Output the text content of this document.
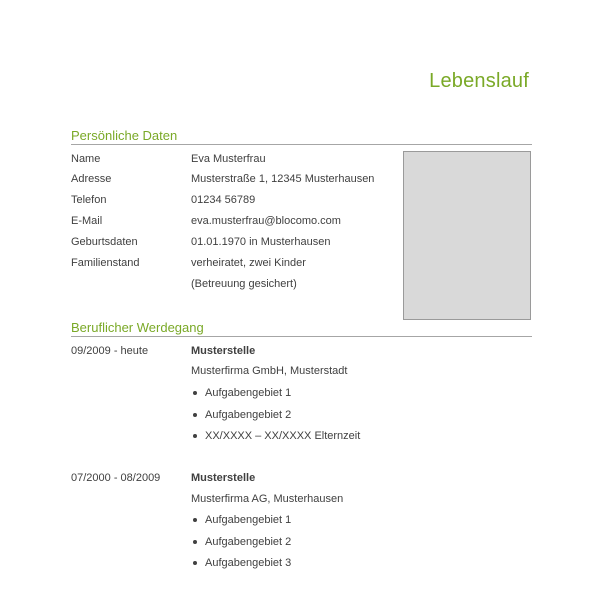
Lebenslauf
Persönliche Daten
Name	Eva Musterfrau
Adresse	Musterstraße 1, 12345 Musterhausen
Telefon	01234 56789
E-Mail	eva.musterfrau@blocomo.com
Geburtsdaten	01.01.1970 in Musterhausen
Familienstand	verheiratet, zwei Kinder
(Betreuung gesichert)
Beruflicher Werdegang
09/2009 - heute	Musterstelle
Musterfirma GmbH, Musterstadt
Aufgabengebiet 1
Aufgabengebiet 2
XX/XXXX – XX/XXXX Elternzeit
07/2000 - 08/2009	Musterstelle
Musterfirma AG, Musterhausen
Aufgabengebiet 1
Aufgabengebiet 2
Aufgabengebiet 3
